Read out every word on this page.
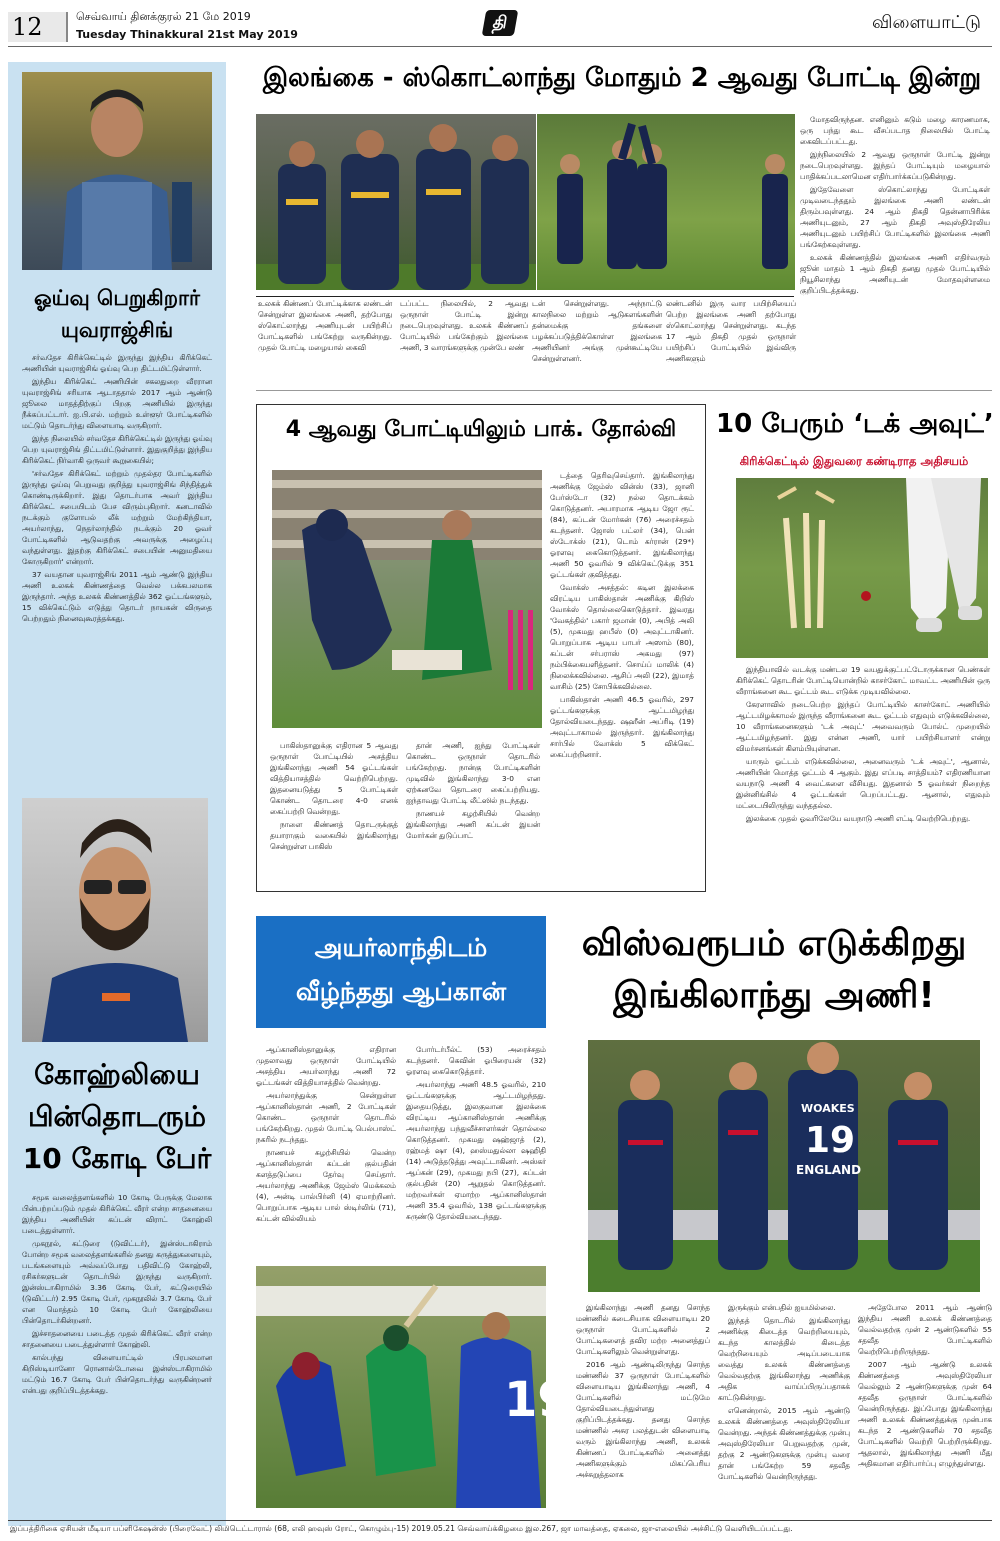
12	செவ்வாய் தினக்குரல் 21 மே 2019
Tuesday Thinakkural 21st May 2019
தி	விளையாட்டு
ஓய்வு பெறுகிறார் யுவராஜ்சிங்

சர்வதேச கிரிக்கெட்டில் இருந்து இந்திய கிரிக்கெட் அணியின் யுவராஜ்சிங் ஓய்வு பெற திட்டமிட்டுள்ளார்.

இந்திய கிரிக்கெட் அணியின் சகலதுறை வீரரான யுவராஜ்சிங் சரியாக ஆடாததால் 2017 ஆம் ஆண்டு ஜூலை மாதத்திற்குப் பிறகு அணியில் இருந்து நீக்கப்பட்டார். ஐ.பி.எல். மற்றும் உள்ளூர் போட்டிகளில் மட்டும் தொடர்ந்து விளையாடி வருகிறார்.

இந்த நிலையில் சர்வதேச கிரிக்கெட்டில் இருந்து ஓய்வு பெற யுவராஜ்சிங் திட்டமிட்டுள்ளார். இதுகுறித்து இந்திய கிரிக்கெட் நிர்வாகி ஒருவர் கூறுகையில்;

'சர்வதேச கிரிக்கெட் மற்றும் முதல்தர போட்டிகளில் இருந்து ஓய்வு பெறுவது குறித்து யுவராஜ்சிங் சிந்தித்துக் கொண்டிருக்கிறார். இது தொடர்பாக அவர் இந்திய கிரிக்கெட் சபையிடம் பேச விரும்புகிறார். கனடாவில் நடக்கும் குளோபல் லீக் மற்றும் மேற்கிந்தியா, அயர்லாந்து, நெதர்லாந்தில் நடக்கும் 20 ஓவர் போட்டிகளில் ஆடுவதற்கு அவருக்கு அழைப்பு வந்துள்ளது. இதற்கு கிரிக்கெட் சபையின் அனுமதியை கோருகிறார்' என்றார்.

37 வயதான யுவராஜ்சிங் 2011 ஆம் ஆண்டு இந்திய அணி உலகக் கிண்ணத்தை வெல்ல பக்கபலமாக இருந்தார். அந்த உலகக் கிண்ணத்தில் 362 ஓட்டங்களும், 15 விக்கெட்டும் எடுத்து தொடர் நாயகன் விருதை பெற்றதும் நினைவுகூரத்தக்கது.

கோஹ்லியை பின்தொடரும் 10 கோடி பேர்

சமூக வலைத்தளங்களில் 10 கோடி பேருக்கு மேலாக பின்பற்றப்படும் முதல் கிரிக்கெட் வீரர் என்ற சாதனையை இந்திய அணியின் கப்டன் விராட் கோஹ்லி படைத்துள்ளார்.

முகநூல், கட்டுரை (டுவிட்டர்), இன்ஸ்டாகிராம் போன்ற சமூக வலைத்தளங்களில் தனது கருத்துகளையும், படங்களையும் அவ்வப்போது பதிவிட்டு கோஹ்லி, ரசிகர்களுடன் தொடர்பில் இருந்து வருகிறார். இன்ஸ்டாகிராமில் 3.36 கோடி பேர், கட்டுரையில் (டுவிட்டர்) 2.95 கோடி பேர், முகநூலில் 3.7 கோடி பேர் என மொத்தம் 10 கோடி பேர் கோஹ்லியை பின்தொடர்கின்றனர்.

இச்சாதனையை படைத்த முதல் கிரிக்கெட் வீரர் என்ற சாதனையை படைத்துள்ளார் கோஹ்லி.

கால்பந்து விளையாட்டில் பிரபலமான கிறிஸ்டியானோ ரொனால்டோவை இன்ஸ்டாகிராமில் மட்டும் 16.7 கோடி பேர் பின்தொடர்ந்து வருகின்றனர் என்பது குறிப்பிடத்தக்கது.

இலங்கை - ஸ்கொட்லாந்து மோதும் 2 ஆவது போட்டி இன்று
உலகக் கிண்ணப் போட்டிக்காக லண்டன் சென்றுள்ள இலங்கை அணி, தற்போது ஸ்கொட்லாந்து அணியுடன் பயிற்சிப் போட்டிகளில் பங்கேற்று வருகின்றது. முதல் போட்டி மழையால் கைவி
டப்பட்ட நிலையில், 2 ஆவது ஒருநாள் போட்டி இன்று நடைபெறவுள்ளது. உலகக் கிண்ணப் போட்டியில் பங்கேற்கும் இலங்கை அணி, 3 வாரங்களுக்கு முன்பே லண்
டன் சென்றுள்ளது. அந்நாட்டு காலநிலை மற்றும் ஆடுகளங்களின் தன்மைக்கு தங்களை பழக்கப்படுத்திக்கொள்ள இலங்கை அணியினர் அங்கு முன்கூட்டியே சென்றுள்ளனர்.
லண்டனில் இரு வார பயிற்சியைப் பெற்ற இலங்கை அணி தற்போது ஸ்கொட்லாந்து சென்றுள்ளது. கடந்த 17 ஆம் திகதி முதல் ஒருநாள் பயிற்சிப் போட்டியில் இவ்விரு அணிகளும்

மோதவிருந்தன. எனினும் கடும் மழை காரணமாக, ஒரு பந்து கூட வீசப்படாத நிலையில் போட்டி கைவிடப்பட்டது.

இந்நிலையில் 2 ஆவது ஒருநாள் போட்டி இன்று நடைபெறவுள்ளது. இந்தப் போட்டியும் மழையால் பாதிக்கப்படலாமென எதிர்பார்க்கப்படுகின்றது.

இதேவேளை ஸ்கொட்லாந்து போட்டிகள் முடிவடைந்ததும் இலங்கை அணி லண்டன் திரும்பவுள்ளது. 24 ஆம் திகதி தென்னாபிரிக்க அணியுடனும், 27 ஆம் திகதி அவுஸ்திரேலிய அணியுடனும் பயிற்சிப் போட்டிகளில் இலங்கை அணி பங்கேற்கவுள்ளது.

உலகக் கிண்ணத்தில் இலங்கை அணி எதிர்வரும் ஜூன் மாதம் 1 ஆம் திகதி தனது முதல் போட்டியில் நியூசிலாந்து அணியுடன் மோதவுள்ளமை குறிப்பிடத்தக்கது.

4 ஆவது போட்டியிலும் பாக். தோல்வி

பாகிஸ்தானுக்கு எதிரான 5 ஆவது ஒருநாள் போட்டியில் அசத்திய இங்கிலாந்து அணி 54 ஓட்டங்கள் வித்தியாசத்தில் வெற்றிபெற்றது. இதனையடுத்து 5 போட்டிகள் கொண்ட தொடரை 4-0 எனக் கைப்பற்றி வென்றது.

நாளை கிண்ணத் தொடருக்குத் தயாராகும் வகையில் இங்கிலாந்து சென்றுள்ள பாகிஸ்

தான் அணி, ஐந்து போட்டிகள் கொண்ட ஒருநாள் தொடரில் பங்கேற்றது. நான்கு போட்டிகளின் முடிவில் இங்கிலாந்து 3-0 என ஏற்கனவே தொடரை கைப்பற்றியது. ஐந்தாவது போட்டி லீட்ஸில் நடந்தது.

நாணயச் சுழற்சியில் வென்ற இங்கிலாந்து அணி கப்டன் இயன் மோர்கன் துடுப்பாட்

டத்தை தெரிவுசெய்தார். இங்கிலாந்து அணிக்கு ஜேம்ஸ் வின்ஸ் (33), ஜானி பேர்ஸ்டோ (32) நல்ல தொடக்கம் கொடுத்தனர். அபாரமாக ஆடிய ஜோ ரூட் (84), கப்டன் மோர்கன் (76) அரைச்சதம் கடந்தனர். ஜோஸ் பட்லர் (34), பென் ஸ்டோக்ஸ் (21), டொம் கர்ரான் (29*) ஓரளவு கைகொடுத்தனர். இங்கிலாந்து அணி 50 ஓவரில் 9 விக்கெட்டுக்கு 351 ஓட்டங்கள் குவித்தது.

வோக்ஸ் அசத்தல்: கடின இலக்கை விரட்டிய பாகிஸ்தான் அணிக்கு கிறிஸ் வோக்ஸ் தொல்லைகொடுத்தார். இவரது 'வேகத்தில்' பகார் ஜமான் (0), அபித் அலி (5), முகமது ஹபீஸ் (0) அவுட்டாகினர். பொறுப்பாக ஆடிய பாபர் அஸாம் (80), கப்டன் சர்பராஸ் அகமது (97) நம்பிக்கையளித்தனர். சொய்ப் மாலிக் (4) நிலைக்கவில்லை. ஆசிப் அலி (22), இமாத் வாசிம் (25) சோபிக்கவில்லை.

பாகிஸ்தான் அணி 46.5 ஓவரில், 297 ஓட்டங்களுக்கு ஆட்டமிழந்து தோல்வியடைந்தது. ஷஹீன் அப்ரிடி (19) அவுட்டாகாமல் இருந்தார். இங்கிலாந்து சார்பில் வோக்ஸ் 5 விக்கெட் கைப்பற்றினார்.

10 பேரும் ‘டக் அவுட்’
கிரிக்கெட்டில் இதுவரை கண்டிராத அதிசயம்

இந்தியாவில் வடக்கு மண்டல 19 வயதுக்குட்பட்டோருக்கான பெண்கள் கிரிக்கெட் தொடரின் போட்டியொன்றில் காசர்கோட் மாவட்ட அணியின் ஒரு வீராங்கனை கூட ஓட்டம் கூட எடுக்க முடியவில்லை.

கேரளாவில் நடைபெற்ற இந்தப் போட்டியில் காசர்கோட் அணியில் ஆட்டமிழக்காமல் இருந்த வீராங்கனை கூட ஓட்டம் எதுவும் எடுக்கவில்லை, 10 வீராங்கனைகளும் 'டக் அவுட்' அவைவரும் போல்ட் முறையில் ஆட்டமிழந்தனர். இது என்ன அணி, யார் பயிற்சியாளர் என்று விமர்சனங்கள் கிளம்பியுள்ளன.

யாரும் ஓட்டம் எடுக்கவில்லை, அனைவரும் 'டக் அவுட்', ஆனால், அணியின் மொத்த ஓட்டம் 4 ஆகும். இது எப்படி சாத்தியம்? எதிரணியான வயநாடு அணி 4 வைட்களை வீசியது. இதனால் 5 ஓவர்கள் நிறைந்த இன்னிங்சில் 4 ஓட்டங்கள் பெறப்பட்டது. ஆனால், எதுவும் மட்டையிலிருந்து வந்ததல்ல.

இலக்கை முதல் ஓவரிலேயே வயநாடு அணி எட்டி வெற்றிபெற்றது.

அயர்லாந்திடம் வீழ்ந்தது ஆப்கான்

ஆப்கானிஸ்தானுக்கு எதிரான முதலாவது ஒருநாள் போட்டியில் அசத்திய அயர்லாந்து அணி 72 ஓட்டங்கள் வித்தியாசத்தில் வென்றது.

அயர்லாந்துக்கு சென்றுள்ள ஆப்கானிஸ்தான் அணி, 2 போட்டிகள் கொண்ட ஒருநாள் தொடரில் பங்கேற்கிறது. முதல் போட்டி பெல்பாஸ்ட் நகரில் நடந்தது.

நாணயச் சுழற்சியில் வென்ற ஆப்கானிஸ்தான் கப்டன் குல்பதின் களத்தடுப்பை தேர்வு செய்தார். அயர்லாந்து அணிக்கு ஜேம்ஸ் மெக்கலம் (4), அன்டி பால்பிர்னி (4) ஏமாற்றினர். பொறுப்பாக ஆடிய பால் ஸ்டிர்லிங் (71), கப்டன் வில்லியம்

போர்டர்பீல்ட் (53) அரைச்சதம் கடந்தனர். கெவின் ஓபிரையன் (32) ஓரளவு கைகொடுத்தார்.

அயர்லாந்து அணி 48.5 ஓவரில், 210 ஓட்டங்களுக்கு ஆட்டமிழந்தது. இதையடுத்து, இலகுவான இலக்கை விரட்டிய ஆப்கானிஸ்தான் அணிக்கு அயர்லாந்து பந்துவீச்சாளர்கள் தொல்லை கொடுத்தனர். முகமது ஷஹ்ஜாத் (2), ரஹ்மத் ஷா (4), ஹஸ்மதுல்லா ஷஹிதி (14) அடுத்தடுத்து அவுட்டாகினர். அஸ்கர் ஆப்கன் (29), முகமது நபி (27), கப்டன் குல்பதின் (20) ஆறுதல் கொடுத்தனர். மற்றவர்கள் ஏமாற்ற ஆப்கானிஸ்தான் அணி 35.4 ஓவரில், 138 ஓட்டங்களுக்கு சுருண்டு தோல்வியடைந்தது.

19
விஸ்வரூபம் எடுக்கிறது இங்கிலாந்து அணி!
WOAKES
19
ENGLAND

இங்கிலாந்து அணி தனது சொந்த மண்ணில் கடைசியாக விளையாடிய 20 ஒருநாள் போட்டிகளில் 2 போட்டிகளைத் தவிர மற்ற அனைத்துப் போட்டிகளிலும் வென்றுள்ளது.

2016 ஆம் ஆண்டிலிருந்து சொந்த மண்ணில் 37 ஒருநாள் போட்டிகளில் விளையாடிய இங்கிலாந்து அணி, 4 போட்டிகளில் மட்டுமே தோல்வியடைந்துள்ளது குறிப்பிடத்தக்கது. தனது சொந்த மண்ணில் அசுர பலத்துடன் விளையாடி வரும் இங்கிலாந்து அணி, உலகக் கிண்ணப் போட்டிகளில் அனைத்து அணிகளுக்கும் மிகப்பெரிய அச்சுறுத்தலாக

இருக்கும் என்பதில் ஐயமில்லை.

இந்தத் தொடரில் இங்கிலாந்து அணிக்கு கிடைத்த வெற்றியையும், கடந்த காலத்தில் கிடைத்த வெற்றியையும் அடிப்படையாக வைத்து உலகக் கிண்ணத்தை வெல்வதற்கு இங்கிலாந்து அணிக்கு அதிக வாய்ப்பிருப்பதாகக் காட்டுகின்றது.

எனென்றால், 2015 ஆம் ஆண்டு உலகக் கிண்ணத்தை அவுஸ்திரேலியா வென்றது. அந்தக் கிண்ணத்துக்கு முன்பு அவுஸ்திரேலியா பெறுவதற்கு முன், தற்கு 2 ஆண்டுகளுக்கு முன்பு வரை தான் பங்கேற்ற 59 சதவீத போட்டிகளில் வென்றிருந்தது.

அதேபோல 2011 ஆம் ஆண்டு இந்திய அணி உலகக் கிண்ணத்தை வெல்வதற்கு முன் 2 ஆண்டுகளில் 55 சதவீத போட்டிகளில் வெற்றிபெற்றிருந்தது.

2007 ஆம் ஆண்டு உலகக் கிண்ணத்தை அவுஸ்திரேலியா வெல்லும் 2 ஆண்டுகளுக்கு முன் 64 சதவீத ஒருநாள் போட்டிகளில் வென்றிருந்தது. இப்போது இங்கிலாந்து அணி உலகக் கிண்ணத்துக்கு முன்பாக கடந்த 2 ஆண்டுகளில் 70 சதவீத போட்டிகளில் வெற்றி பெற்றிருக்கிறது. ஆதலால், இங்கிலாந்து அணி மீது அதிகமான எதிர்பார்ப்பு எழுந்துள்ளது.

இப்பத்திரிகை ஏசியன் மீடியா பப்ளிகேஷன்ஸ் (பிரைவேட்) லிமிடெட்டாரால் (68, எலி ஹவுஸ் ரோட், கொழும்பு-15) 2019.05.21 செவ்வாய்க்கிழமை இல.267, ஜா மாவத்தை, ஏகலை, ஜா-எலையில் அச்சிட்டு வெளியிடப்பட்டது.
